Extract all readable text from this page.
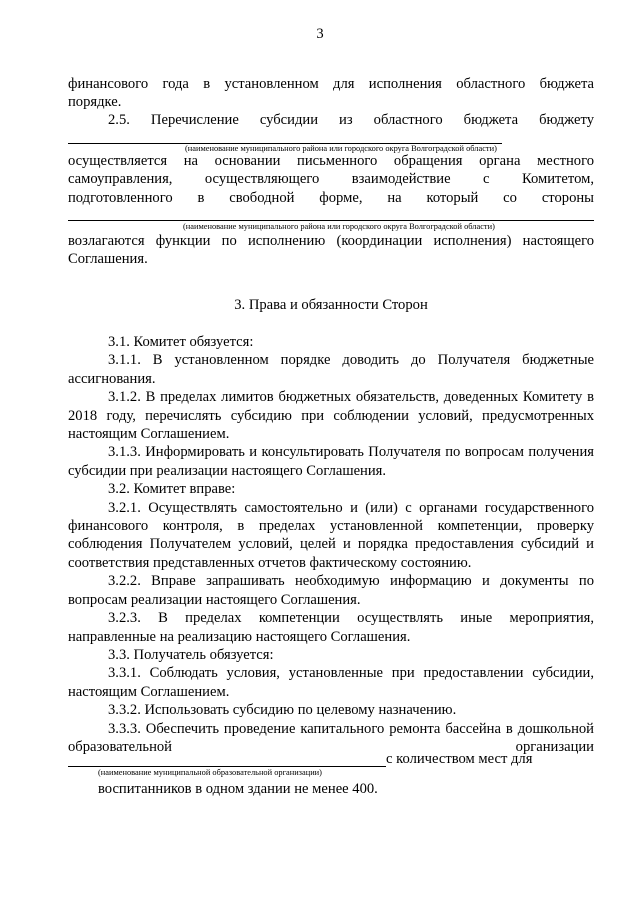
3

финансового года в установленном для исполнения областного бюджета

порядке.

2.5. Перечисление субсидии из областного бюджета бюджету

(наименование муниципального района или городского округа Волгоградской области)

осуществляется на основании письменного обращения органа местного

самоуправления, осуществляющего взаимодействие с Комитетом,

подготовленного в свободной форме, на который со стороны

(наименование муниципального района или городского округа Волгоградской области)

возлагаются функции по исполнению (координации исполнения) настоящего

Соглашения.

3. Права и обязанности Сторон

3.1. Комитет обязуется:

3.1.1. В установленном порядке доводить до Получателя бюджетные ассигнования.

3.1.2. В пределах лимитов бюджетных обязательств, доведенных Комитету в 2018 году, перечислять субсидию при соблюдении условий, предусмотренных настоящим Соглашением.

3.1.3. Информировать и консультировать Получателя по вопросам получения субсидии при реализации настоящего Соглашения.

3.2. Комитет вправе:

3.2.1. Осуществлять самостоятельно и (или) с органами государственного финансового контроля, в пределах установленной компетенции, проверку соблюдения Получателем условий, целей и порядка предоставления субсидий и соответствия представленных отчетов фактическому состоянию.

3.2.2. Вправе запрашивать необходимую информацию и документы по вопросам реализации настоящего Соглашения.

3.2.3. В пределах компетенции осуществлять иные мероприятия, направленные на реализацию настоящего Соглашения.

3.3. Получатель обязуется:

3.3.1. Соблюдать условия, установленные при предоставлении субсидии, настоящим Соглашением.

3.3.2. Использовать субсидию по целевому назначению.

3.3.3. Обеспечить проведение капитального ремонта бассейна в дошкольной образовательной организации

с количеством мест для
(наименование муниципальной образовательной организации)
воспитанников в одном здании не менее 400.
